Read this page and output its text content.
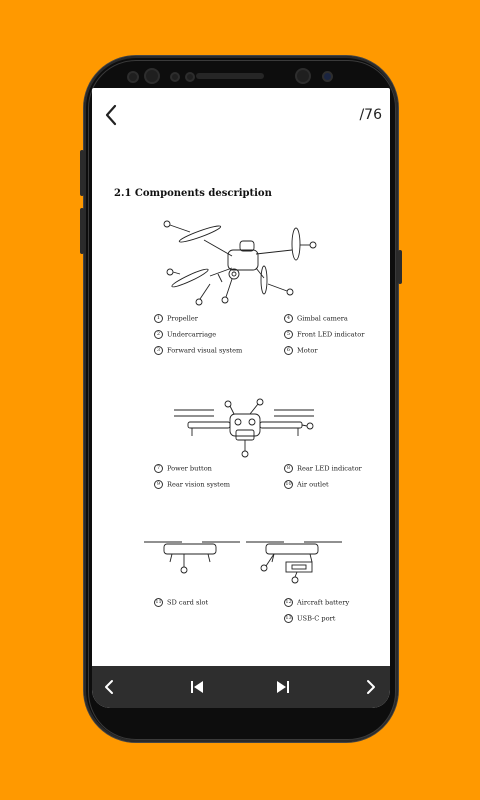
/76
2.1 Components description
1 Propeller
2 Undercarriage
3 Forward visual system
4 Gimbal camera
5 Front LED indicator
6 Motor
7 Power button
9 Rear vision system
8 Rear LED indicator
10 Air outlet
11 SD card slot	12 Aircraft battery
13 USB-C port
